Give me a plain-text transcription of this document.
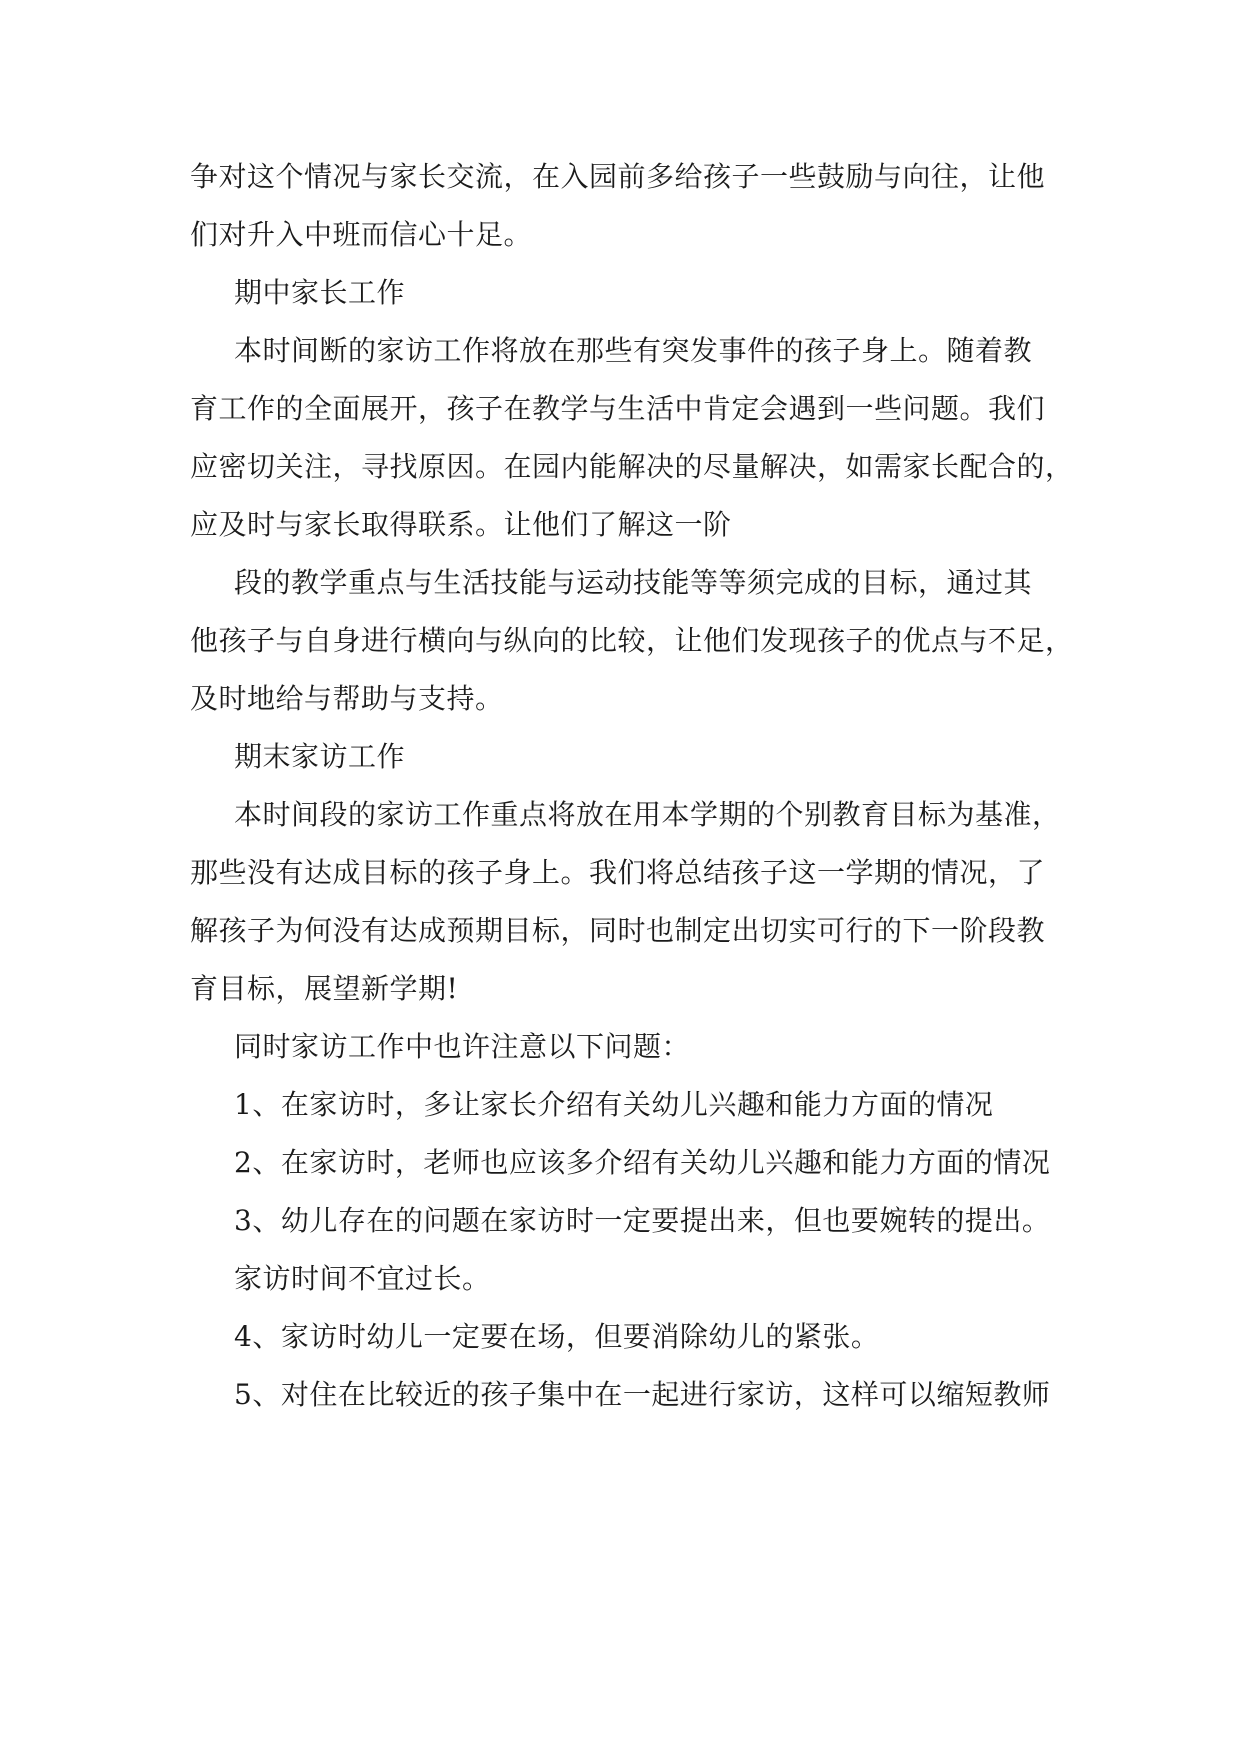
争对这个情况与家长交流，在入园前多给孩子一些鼓励与向往，让他
们对升入中班而信心十足。
期中家长工作
本时间断的家访工作将放在那些有突发事件的孩子身上。随着教
育工作的全面展开，孩子在教学与生活中肯定会遇到一些问题。我们
应密切关注，寻找原因。在园内能解决的尽量解决，如需家长配合的，
应及时与家长取得联系。让他们了解这一阶
段的教学重点与生活技能与运动技能等等须完成的目标，通过其
他孩子与自身进行横向与纵向的比较，让他们发现孩子的优点与不足，
及时地给与帮助与支持。
期末家访工作
本时间段的家访工作重点将放在用本学期的个别教育目标为基准，
那些没有达成目标的孩子身上。我们将总结孩子这一学期的情况，了
解孩子为何没有达成预期目标，同时也制定出切实可行的下一阶段教
育目标，展望新学期!
同时家访工作中也许注意以下问题：
1、在家访时，多让家长介绍有关幼儿兴趣和能力方面的情况
2、在家访时，老师也应该多介绍有关幼儿兴趣和能力方面的情况
3、幼儿存在的问题在家访时一定要提出来，但也要婉转的提出。
家访时间不宜过长。
4、家访时幼儿一定要在场，但要消除幼儿的紧张。
5、对住在比较近的孩子集中在一起进行家访，这样可以缩短教师
